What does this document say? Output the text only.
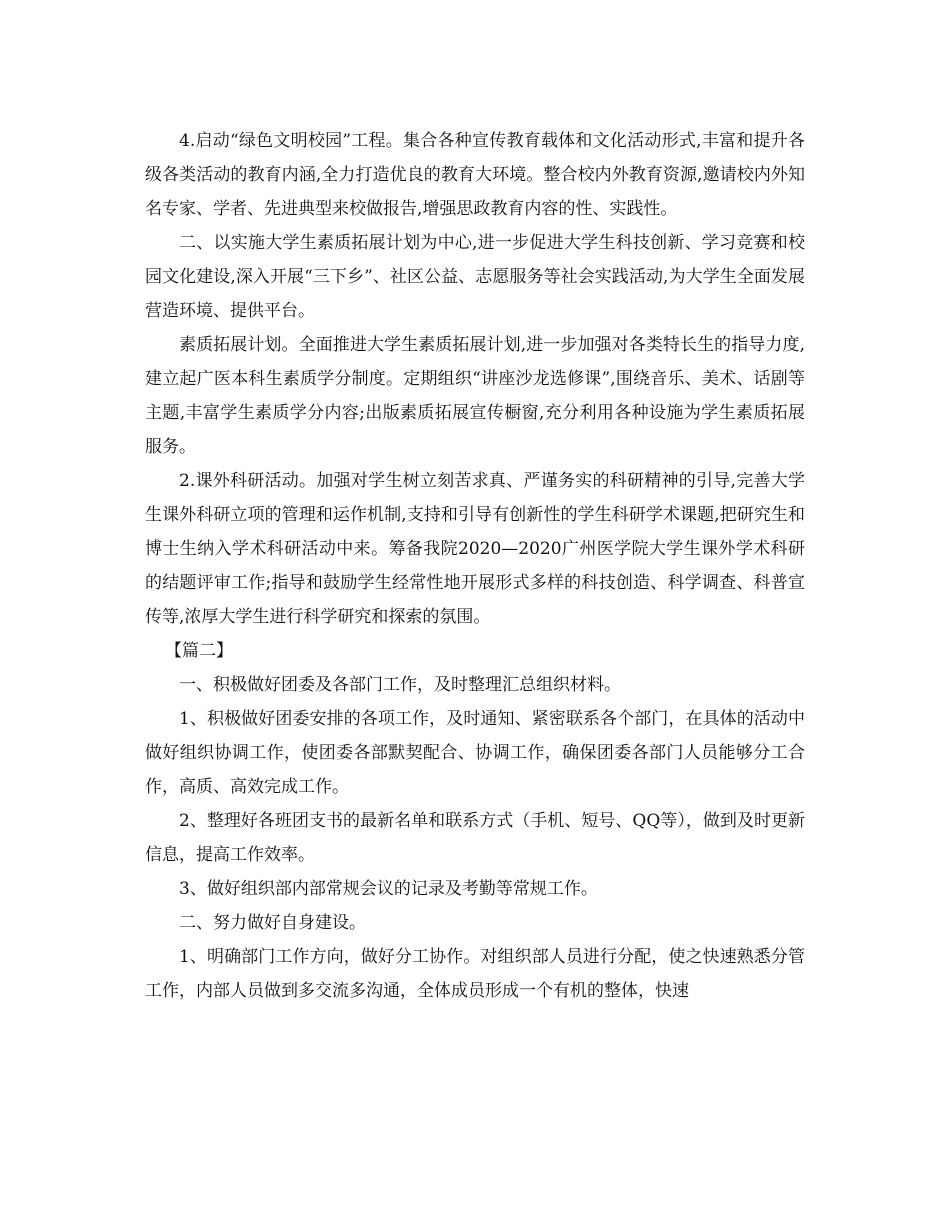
4.启动“绿色文明校园”工程。集合各种宣传教育载体和文化活动形式,丰富和提升各级各类活动的教育内涵,全力打造优良的教育大环境。整合校内外教育资源,邀请校内外知名专家、学者、先进典型来校做报告,增强思政教育内容的性、实践性。

二、以实施大学生素质拓展计划为中心,进一步促进大学生科技创新、学习竞赛和校园文化建设,深入开展“三下乡”、社区公益、志愿服务等社会实践活动,为大学生全面发展营造环境、提供平台。

素质拓展计划。全面推进大学生素质拓展计划,进一步加强对各类特长生的指导力度,建立起广医本科生素质学分制度。定期组织“讲座沙龙选修课”,围绕音乐、美术、话剧等主题,丰富学生素质学分内容;出版素质拓展宣传橱窗,充分利用各种设施为学生素质拓展服务。

2.课外科研活动。加强对学生树立刻苦求真、严谨务实的科研精神的引导,完善大学生课外科研立项的管理和运作机制,支持和引导有创新性的学生科研学术课题,把研究生和博士生纳入学术科研活动中来。筹备我院2020—2020广州医学院大学生课外学术科研的结题评审工作;指导和鼓励学生经常性地开展形式多样的科技创造、科学调查、科普宣传等,浓厚大学生进行科学研究和探索的氛围。

【篇二】

一、积极做好团委及各部门工作，及时整理汇总组织材料。

1、积极做好团委安排的各项工作，及时通知、紧密联系各个部门，在具体的活动中做好组织协调工作，使团委各部默契配合、协调工作，确保团委各部门人员能够分工合作，高质、高效完成工作。

2、整理好各班团支书的最新名单和联系方式（手机、短号、QQ等），做到及时更新信息，提高工作效率。

3、做好组织部内部常规会议的记录及考勤等常规工作。

二、努力做好自身建设。

1、明确部门工作方向，做好分工协作。对组织部人员进行分配，使之快速熟悉分管工作，内部人员做到多交流多沟通，全体成员形成一个有机的整体，快速
